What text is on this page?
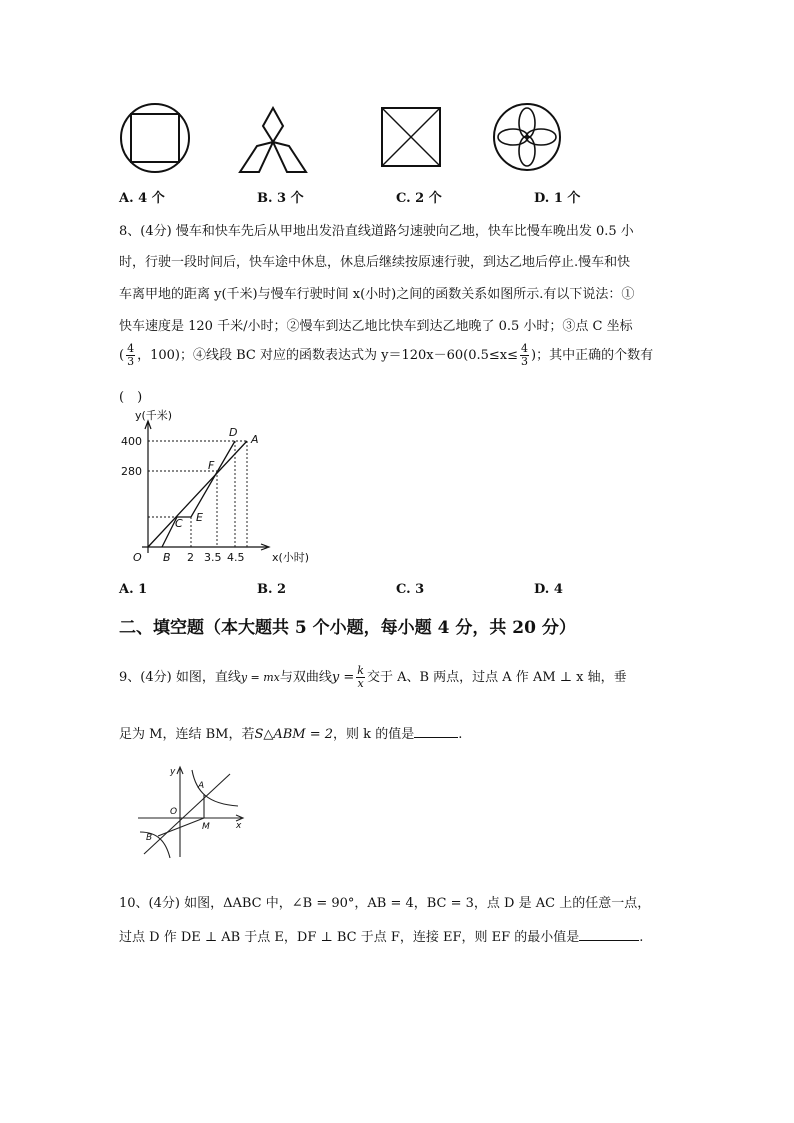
A. 4 个	B. 3 个	C. 2 个	D. 1 个
8、(4分) 慢车和快车先后从甲地出发沿直线道路匀速驶向乙地，快车比慢车晚出发 0.5 小
时，行驶一段时间后，快车途中休息，休息后继续按原速行驶，到达乙地后停止.慢车和快
车离甲地的距离 y(千米)与慢车行驶时间 x(小时)之间的函数关系如图所示.有以下说法：①
快车速度是 120 千米/小时；②慢车到达乙地比快车到达乙地晚了 0.5 小时；③点 C 坐标
( $\frac{4}{3}$ ，100)；④线段 BC 对应的函数表达式为 $y=120x-60(0.5\le x\le \frac{4}{3}$ )；其中正确的个数有
(　)
y(千米)
400
280
O B 2 3.5 4.5	x(小时)
A
C
D
E
F
A. 1	B. 2	C. 3	D. 4
二、填空题（本大题共 5 个小题，每小题 4 分，共 20 分）
9、(4分) 如图，直线y = mx与双曲线$y = \frac{k}{x}$ 交于 A、B 两点，过点 A 作 AM ⊥ x 轴，垂
足为 M，连结 BM，若S△ABM = 2，则 k 的值是	.
y
A
O
M	x
B
10、(4分) 如图，ΔABC 中，∠B = 90°，AB = 4，BC = 3，点 D 是 AC 上的任意一点，
过点 D 作 DE ⊥ AB 于点 E，DF ⊥ BC 于点 F，连接 EF，则 EF 的最小值是	.
